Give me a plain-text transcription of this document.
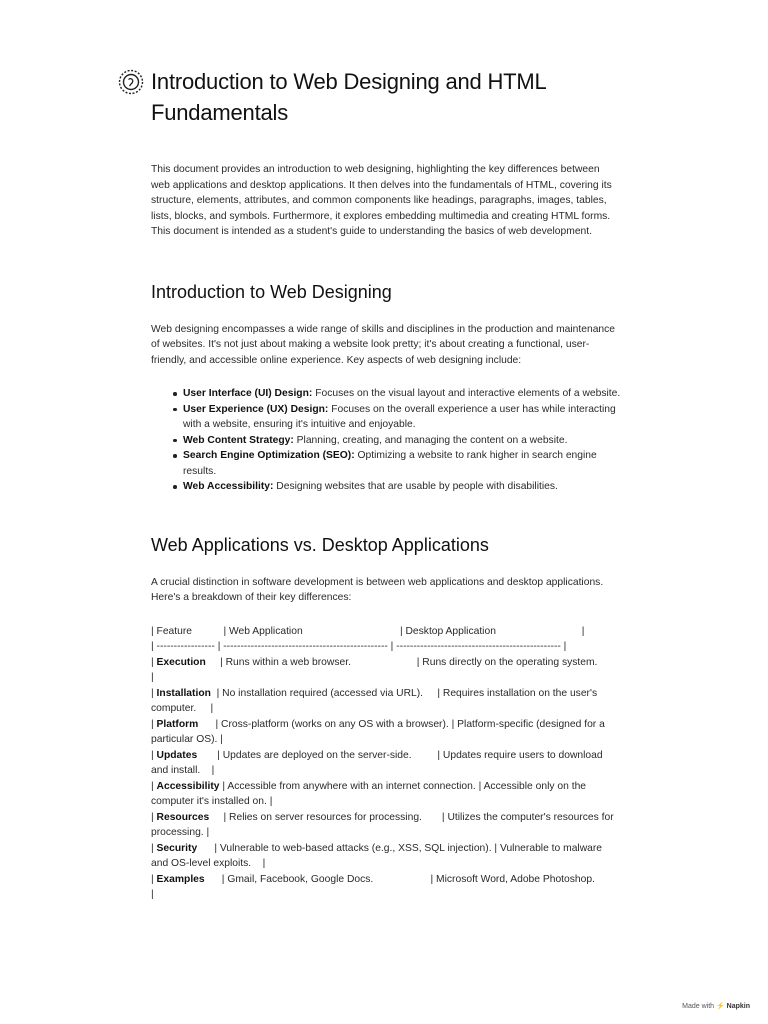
Introduction to Web Designing and HTML Fundamentals

This document provides an introduction to web designing, highlighting the key differences between web applications and desktop applications. It then delves into the fundamentals of HTML, covering its structure, elements, attributes, and common components like headings, paragraphs, images, tables, lists, blocks, and symbols. Furthermore, it explores embedding multimedia and creating HTML forms. This document is intended as a student's guide to understanding the basics of web development.

Introduction to Web Designing

Web designing encompasses a wide range of skills and disciplines in the production and maintenance of websites. It's not just about making a website look pretty; it's about creating a functional, user-friendly, and accessible online experience. Key aspects of web designing include:

User Interface (UI) Design: Focuses on the visual layout and interactive elements of a website.
User Experience (UX) Design: Focuses on the overall experience a user has while interacting with a website, ensuring it's intuitive and enjoyable.
Web Content Strategy: Planning, creating, and managing the content on a website.
Search Engine Optimization (SEO): Optimizing a website to rank higher in search engine results.
Web Accessibility: Designing websites that are usable by people with disabilities.
Web Applications vs. Desktop Applications

A crucial distinction in software development is between web applications and desktop applications. Here's a breakdown of their key differences:

| Feature           | Web Application                                  | Desktop Application                              |

| ----------------- | ------------------------------------------------ | ------------------------------------------------ |

| Execution     | Runs within a web browser.                       | Runs directly on the operating system.           |

| Installation  | No installation required (accessed via URL).     | Requires installation on the user's computer.     |

| Platform      | Cross-platform (works on any OS with a browser). | Platform-specific (designed for a particular OS). |

| Updates       | Updates are deployed on the server-side.         | Updates require users to download and install.    |

| Accessibility | Accessible from anywhere with an internet connection. | Accessible only on the computer it's installed on. |

| Resources     | Relies on server resources for processing.       | Utilizes the computer's resources for processing. |

| Security      | Vulnerable to web-based attacks (e.g., XSS, SQL injection). | Vulnerable to malware and OS-level exploits.    |

| Examples      | Gmail, Facebook, Google Docs.                    | Microsoft Word, Adobe Photoshop.                 |

Made with ⚡ Napkin
